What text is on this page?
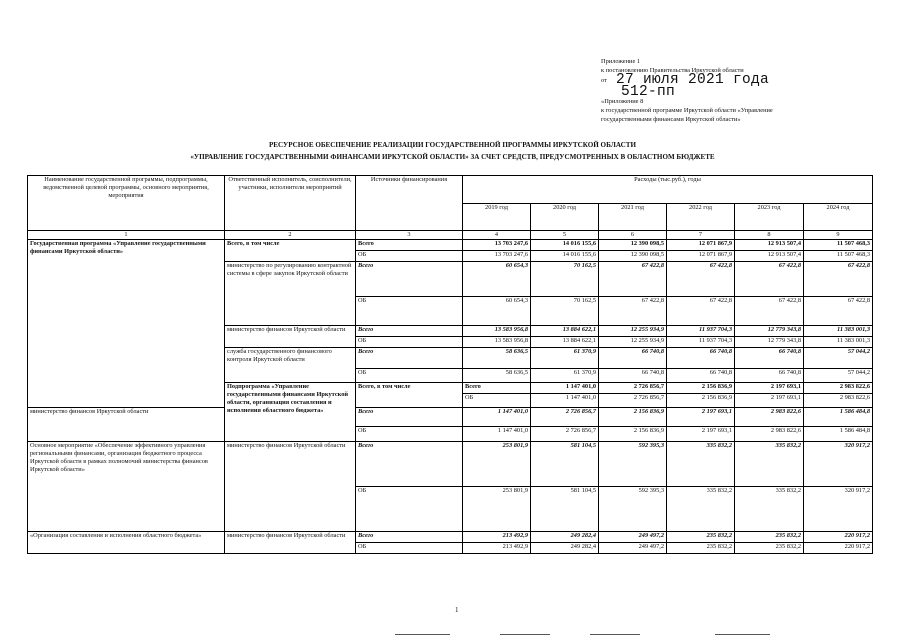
Приложение 1
к постановлению Правительства Иркутской области
от
«Приложение 8
к государственной программе Иркутской области «Управление
государственными финансами Иркутской области»
27 июля 2021 года
512-пп
РЕСУРСНОЕ ОБЕСПЕЧЕНИЕ РЕАЛИЗАЦИИ ГОСУДАРСТВЕННОЙ ПРОГРАММЫ ИРКУТСКОЙ ОБЛАСТИ
«УПРАВЛЕНИЕ ГОСУДАРСТВЕННЫМИ ФИНАНСАМИ ИРКУТСКОЙ ОБЛАСТИ» ЗА СЧЕТ СРЕДСТВ, ПРЕДУСМОТРЕННЫХ В ОБЛАСТНОМ БЮДЖЕТЕ
Наименование государственной программы, подпрограммы, ведомственной целевой программы, основного мероприятия, мероприятия	Ответственный исполнитель, соисполнители, участники, исполнители мероприятий	Источники финансирования	Расходы (тыс.руб.), годы						
			2019 год	2020 год	2021 год	2022 год	2023 год	2024 год	
1	2	3	4	5	6	7	8	9	
Государственная программа «Управление государственными финансами Иркутской области»	Всего, в том числе	Всего	13 703 247,6	14 016 155,6	12 390 098,5	12 071 867,9	12 913 507,4	11 507 468,3	
		ОБ	13 703 247,6	14 016 155,6	12 390 098,5	12 071 867,9	12 913 507,4	11 507 468,3	
	министерство по регулированию контрактной системы в сфере закупок Иркутской области	Всего	60 654,3	70 162,5	67 422,8	67 422,8	67 422,8	67 422,8	
		ОБ	60 654,3	70 162,5	67 422,8	67 422,8	67 422,8	67 422,8	
	министерство финансов Иркутской области	Всего	13 583 956,8	13 884 622,1	12 255 934,9	11 937 704,3	12 779 343,8	11 383 001,3	
		ОБ	13 583 956,8	13 884 622,1	12 255 934,9	11 937 704,3	12 779 343,8	11 383 001,3	
	служба государственного финансового контроля Иркутской области	Всего	58 636,5	61 370,9	66 740,8	66 740,8	66 740,8	57 044,2	
		ОБ	58 636,5	61 370,9	66 740,8	66 740,8	66 740,8	57 044,2	
	Подпрограмма «Управление государственными финансами Иркутской области, организация составления и исполнения областного бюджета»	Всего, в том числе	Всего	1 147 401,0	2 726 856,7	2 156 836,9	2 197 693,1	2 983 822,6	
			ОБ	1 147 401,0	2 726 856,7	2 156 836,9	2 197 693,1	2 983 822,6	
министерство финансов Иркутской области		Всего	1 147 401,0	2 726 856,7	2 156 836,9	2 197 693,1	2 983 822,6	1 586 484,8	
		ОБ	1 147 401,0	2 726 856,7	2 156 836,9	2 197 693,1	2 983 822,6	1 586 484,8	
Основное мероприятие «Обеспечение эффективного управления региональными финансами, организация бюджетного процесса Иркутской области в рамках полномочий министерства финансов Иркутской области»	министерство финансов Иркутской области	Всего	253 801,9	581 104,5	592 395,3	335 832,2	335 832,2	320 917,2	
		ОБ	253 801,9	581 104,5	592 395,3	335 832,2	335 832,2	320 917,2	
«Организация составления и исполнения областного бюджета»	министерство финансов Иркутской области	Всего	213 492,9	249 282,4	249 497,2	235 832,2	235 832,2	220 917,2	
		ОБ	213 492,9	249 282,4	249 497,2	235 832,2	235 832,2	220 917,2	
1
